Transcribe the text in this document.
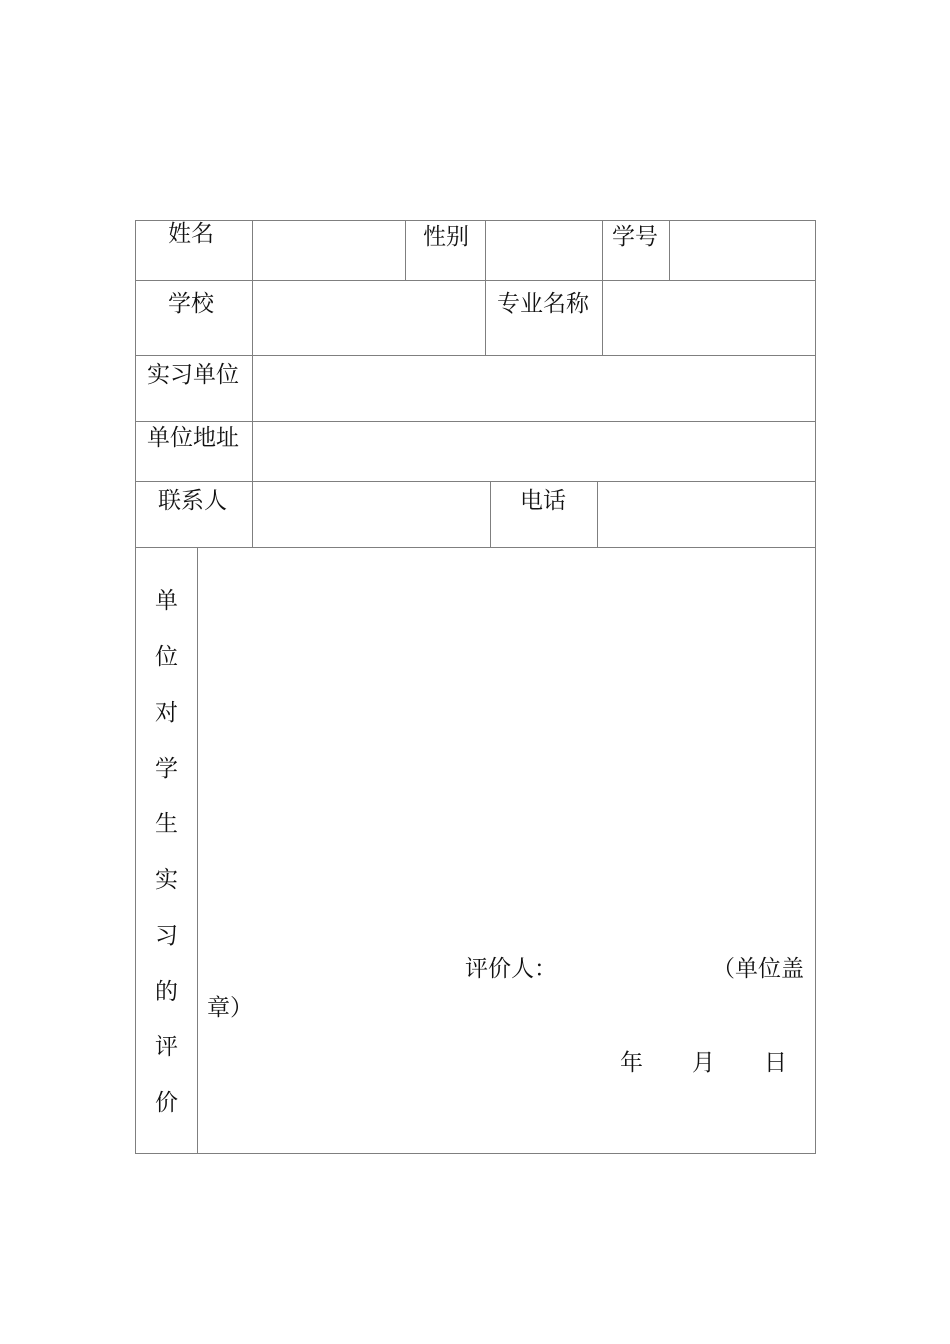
姓名	性别	学号
学校	专业名称
实习单位
单位地址
联系人	电话
单
位
对
学
生
实
习
的
评
价
评价人：	（单位盖
章）
年 月 日
